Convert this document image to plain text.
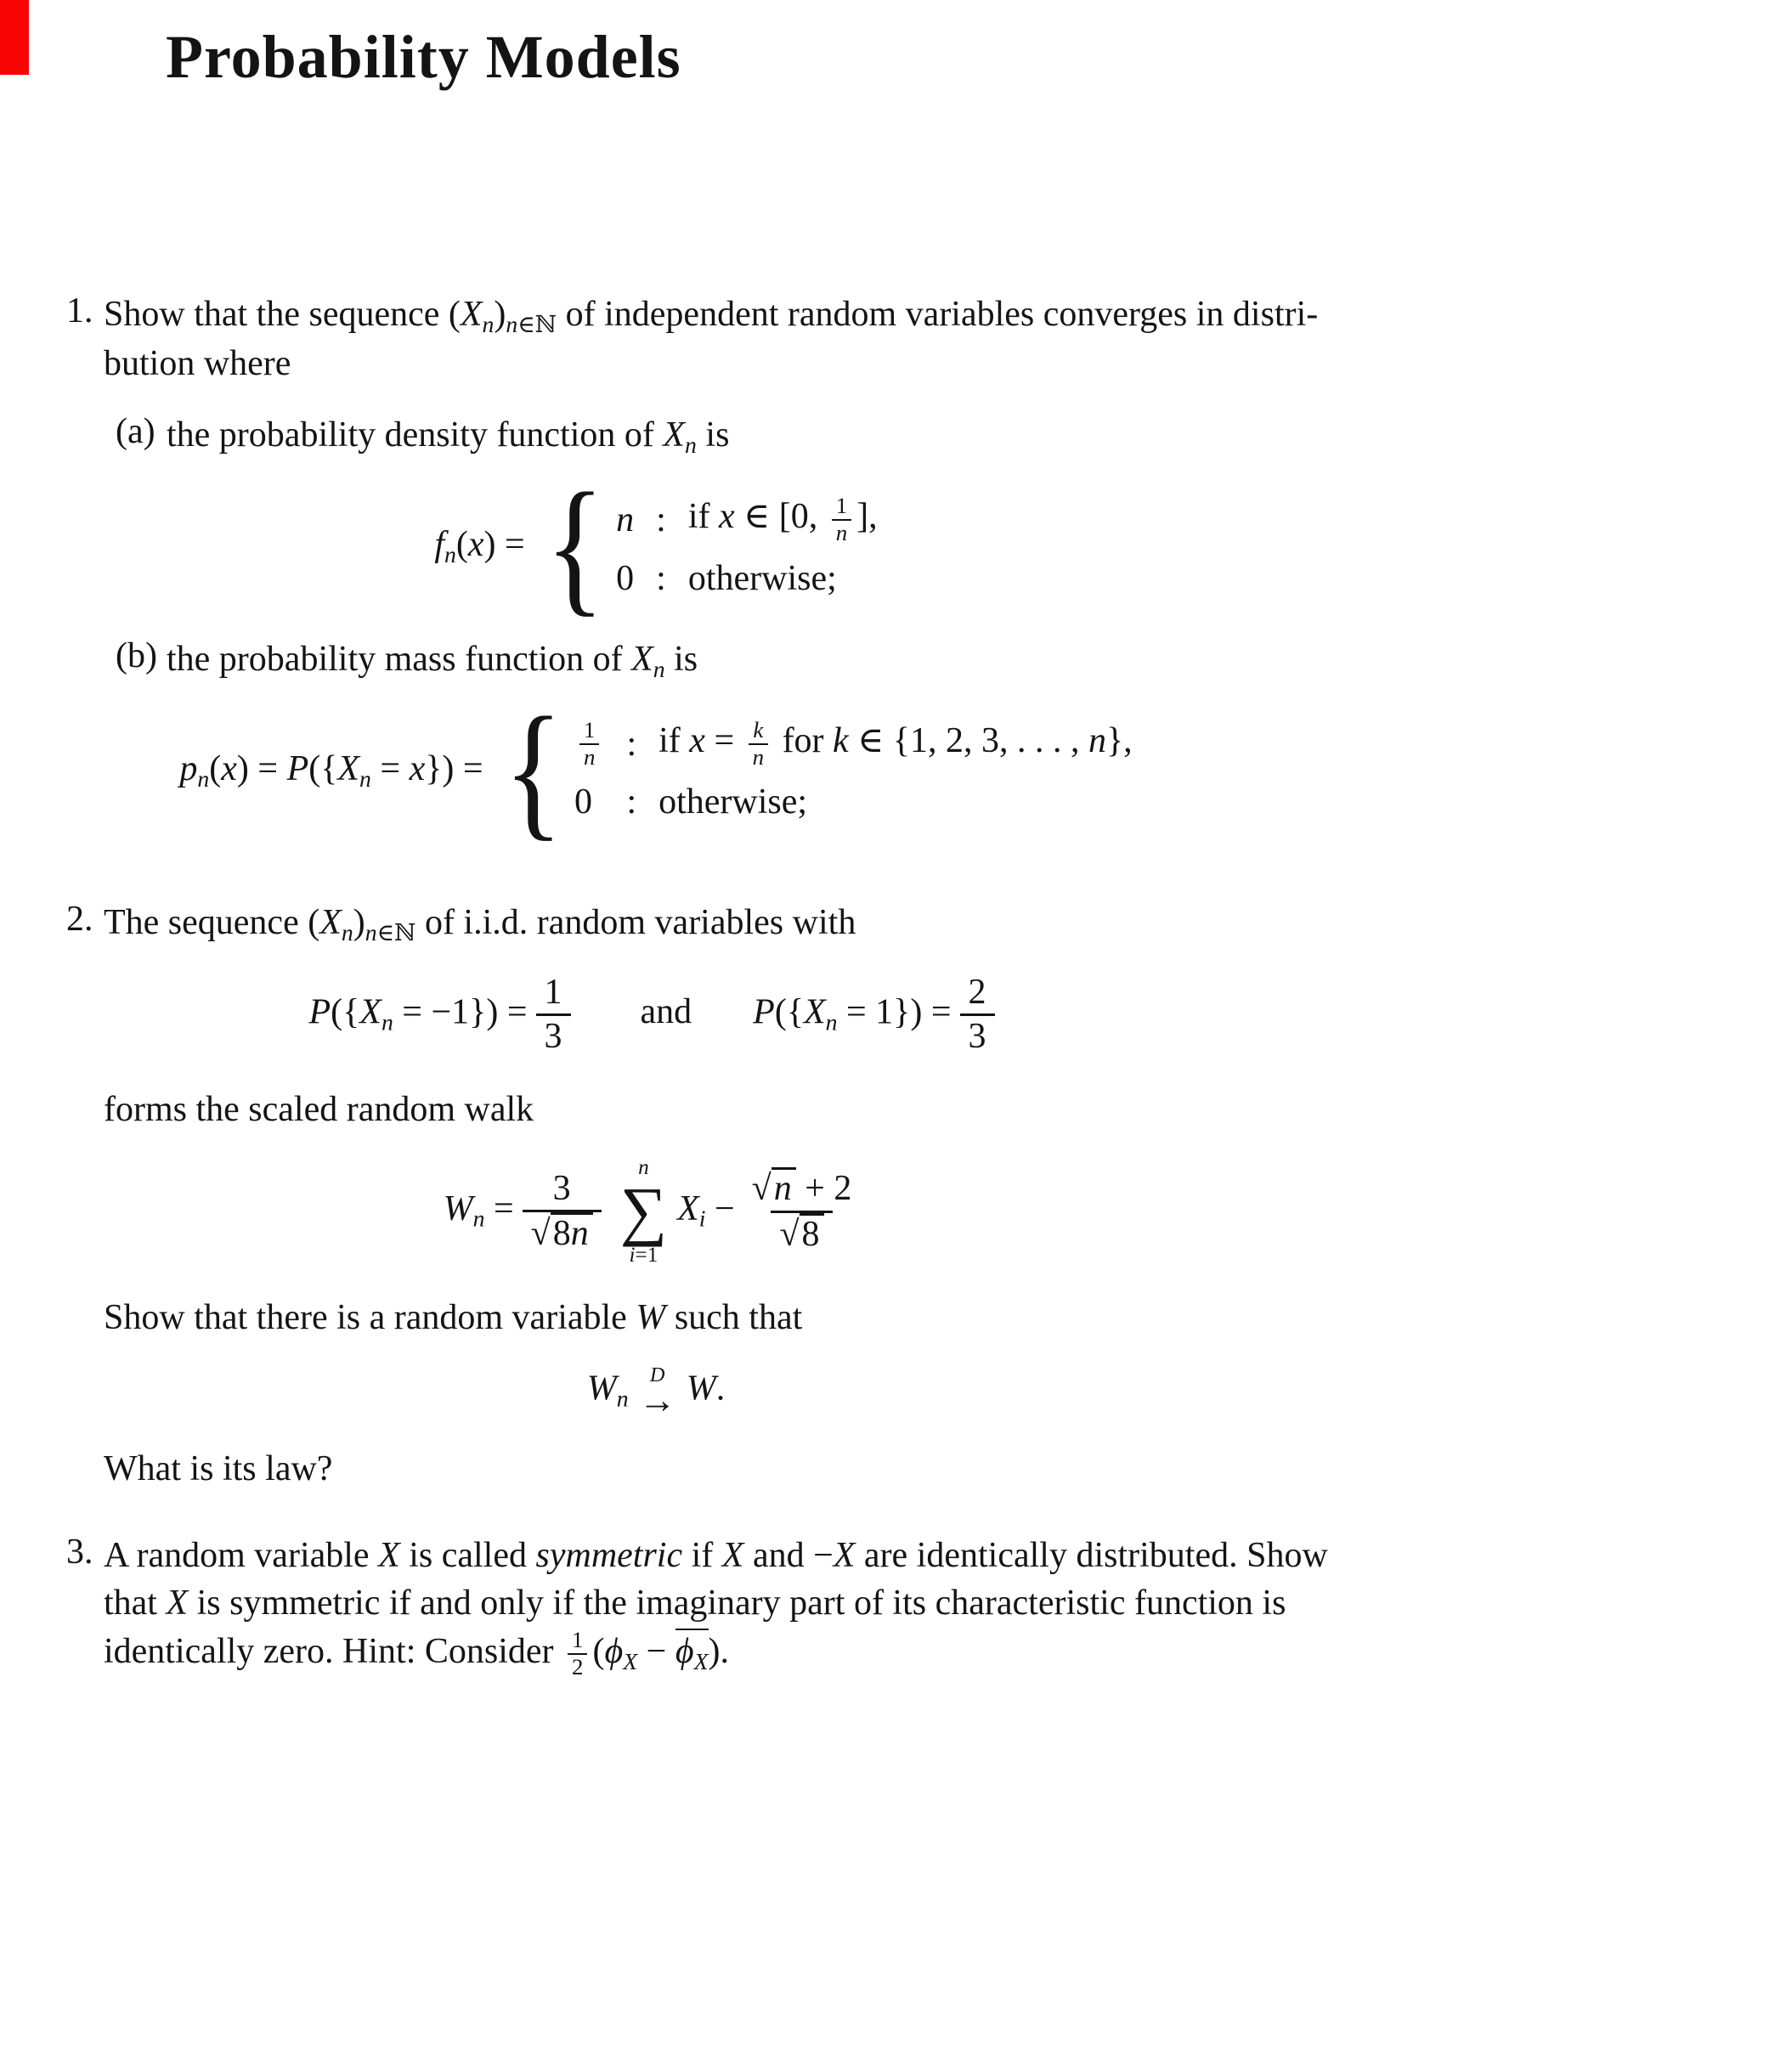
Probability Models
1. Show that the sequence $(X_n)_{n\in ℕ}$ of independent random variables converges in distri-
bution where

(a) the probability density function of $X_n$ is

$f_n(x)$ = { n	:	if x ∈ [0, $\frac{1}{n}$ ],
0	:	otherwise;
(b) the probability mass function of $X_n$ is

$p_n(x) = P(\{X_n = x\})$ = { $\frac{1}{n}$	:	if $x = \frac{k}{n}$ for k ∈ {1, 2, 3, . . . , n},
0	:	otherwise;
2. The sequence $(X_n)_{n\in ℕ}$ of i.i.d. random variables with

$P(\{X_n = -1\}) = \frac{1}{3}$ and $P(\{X_n = 1\}) = \frac{2}{3}$

forms the scaled random walk

$W_n = \frac{3}{√ 8n}$
n
∑
i=1
$X_i - \frac{√ n + 2}{√ 8}$

Show that there is a random variable W such that

$W_n$
D
→ W.

What is its law?

3. A random variable X is called symmetric if X and −X are identically distributed. Show
that X is symmetric if and only if the imaginary part of its characteristic function is
identically zero. Hint: Consider $\frac{1}{2} (\phi_X - \phi_X)$.
